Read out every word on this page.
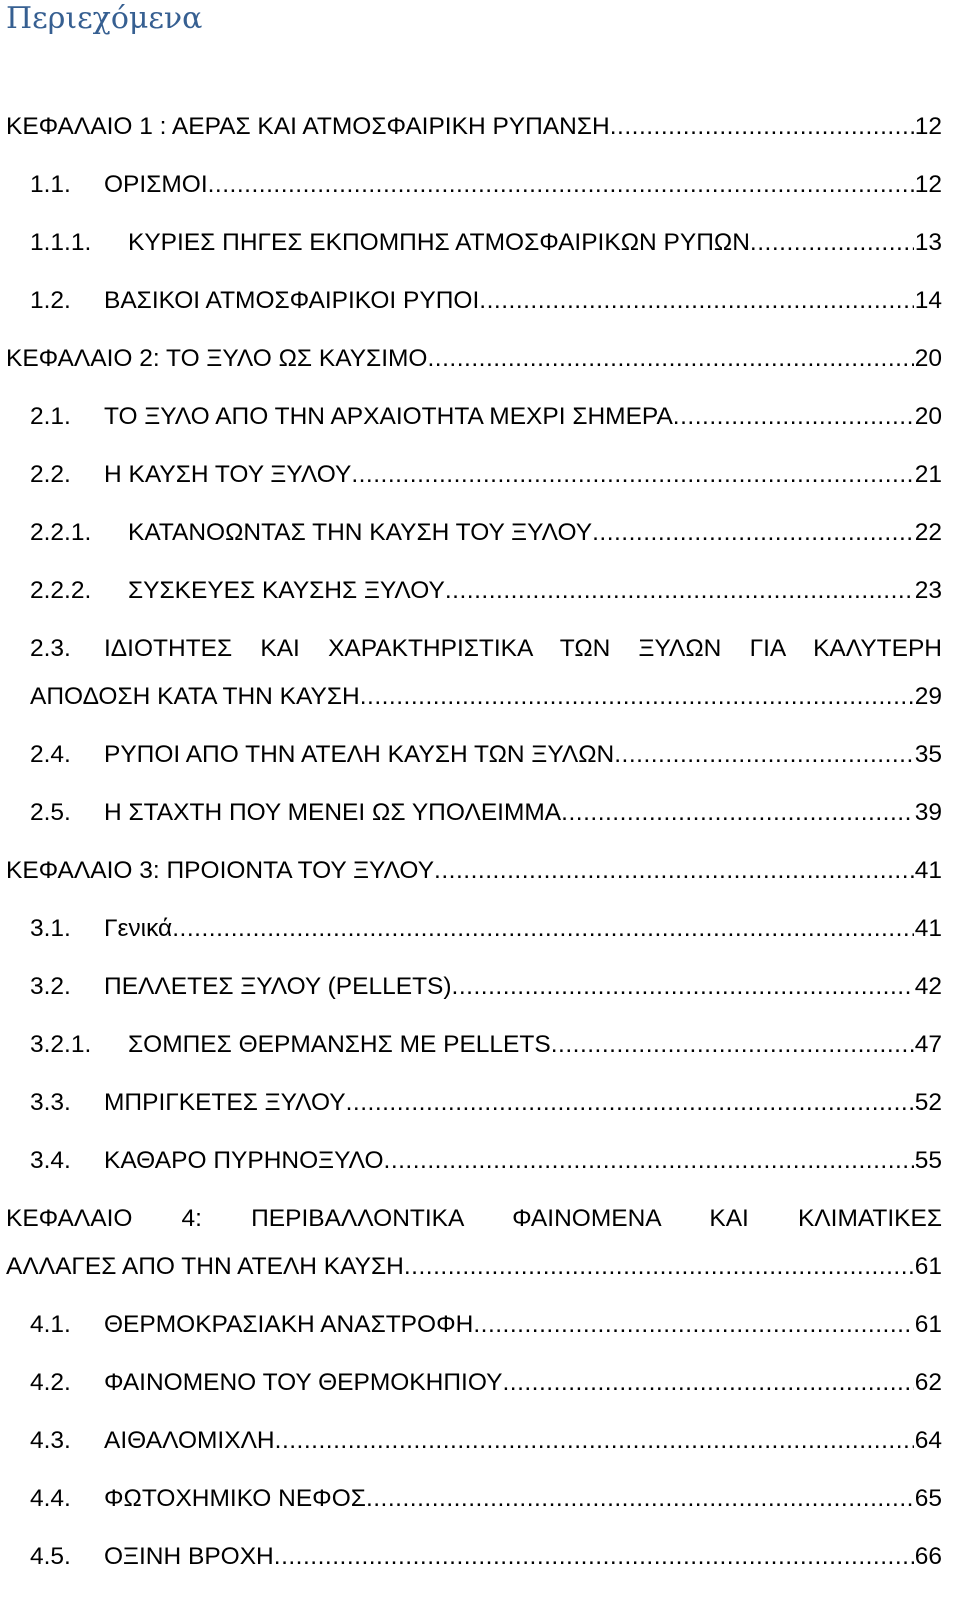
Περιεχόμενα
ΚΕΦΑΛΑΙΟ 1 : ΑΕΡΑΣ ΚΑΙ ΑΤΜΟΣΦΑΙΡΙΚΗ ΡΥΠΑΝΣΗ .....	12
1.1.	ΟΡΙΣΜΟΙ .....	12
1.1.1.	ΚΥΡΙΕΣ ΠΗΓΕΣ ΕΚΠΟΜΠΗΣ ΑΤΜΟΣΦΑΙΡΙΚΩΝ ΡΥΠΩΝ .....	13
1.2.	ΒΑΣΙΚΟΙ ΑΤΜΟΣΦΑΙΡΙΚΟΙ ΡΥΠΟΙ .....	14
ΚΕΦΑΛΑΙΟ 2: ΤΟ ΞΥΛΟ ΩΣ ΚΑΥΣΙΜΟ .....	20
2.1.	ΤΟ ΞΥΛΟ ΑΠΟ ΤΗΝ ΑΡΧΑΙΟΤΗΤΑ ΜΕΧΡΙ ΣΗΜΕΡΑ .....	20
2.2.	Η ΚΑΥΣΗ ΤΟΥ ΞΥΛΟΥ .....	21
2.2.1.	ΚΑΤΑΝΟΩΝΤΑΣ ΤΗΝ ΚΑΥΣΗ ΤΟΥ ΞΥΛΟΥ .....	22
2.2.2.	ΣΥΣΚΕΥΕΣ ΚΑΥΣΗΣ ΞΥΛΟΥ .....	23
2.3.	ΙΔΙΟΤΗΤΕΣ ΚΑΙ ΧΑΡΑΚΤΗΡΙΣΤΙΚΑ ΤΩΝ ΞΥΛΩΝ ΓΙΑ ΚΑΛΥΤΕΡΗ
ΑΠΟΔΟΣΗ ΚΑΤΑ ΤΗΝ ΚΑΥΣΗ .....	29
2.4.	ΡΥΠΟΙ ΑΠΟ ΤΗΝ ΑΤΕΛΗ ΚΑΥΣΗ ΤΩΝ ΞΥΛΩΝ .....	35
2.5.	Η ΣΤΑΧΤΗ ΠΟΥ ΜΕΝΕΙ ΩΣ ΥΠΟΛΕΙΜΜΑ .....	39
ΚΕΦΑΛΑΙΟ 3: ΠΡΟΙΟΝΤΑ ΤΟΥ ΞΥΛΟΥ .....	41
3.1.	Γενικά .....	41
3.2.	ΠΕΛΛΕΤΕΣ ΞΥΛΟΥ (PELLETS) .....	42
3.2.1.	ΣΟΜΠΕΣ ΘΕΡΜΑΝΣΗΣ ΜΕ PELLETS .....	47
3.3.	ΜΠΡΙΓΚΕΤΕΣ ΞΥΛΟΥ .....	52
3.4.	ΚΑΘΑΡΟ ΠΥΡΗΝΟΞΥΛΟ .....	55
ΚΕΦΑΛΑΙΟ 4: ΠΕΡΙΒΑΛΛΟΝΤΙΚΑ ΦΑΙΝΟΜΕΝΑ ΚΑΙ ΚΛΙΜΑΤΙΚΕΣ
ΑΛΛΑΓΕΣ ΑΠΟ ΤΗΝ ΑΤΕΛΗ ΚΑΥΣΗ .....	61
4.1.	ΘΕΡΜΟΚΡΑΣΙΑΚΗ ΑΝΑΣΤΡΟΦΗ .....	61
4.2.	ΦΑΙΝΟΜΕΝΟ ΤΟΥ ΘΕΡΜΟΚΗΠΙΟΥ .....	62
4.3.	ΑΙΘΑΛΟΜΙΧΛΗ .....	64
4.4.	ΦΩΤΟΧΗΜΙΚΟ ΝΕΦΟΣ .....	65
4.5.	ΟΞΙΝΗ ΒΡΟΧΗ .....	66
